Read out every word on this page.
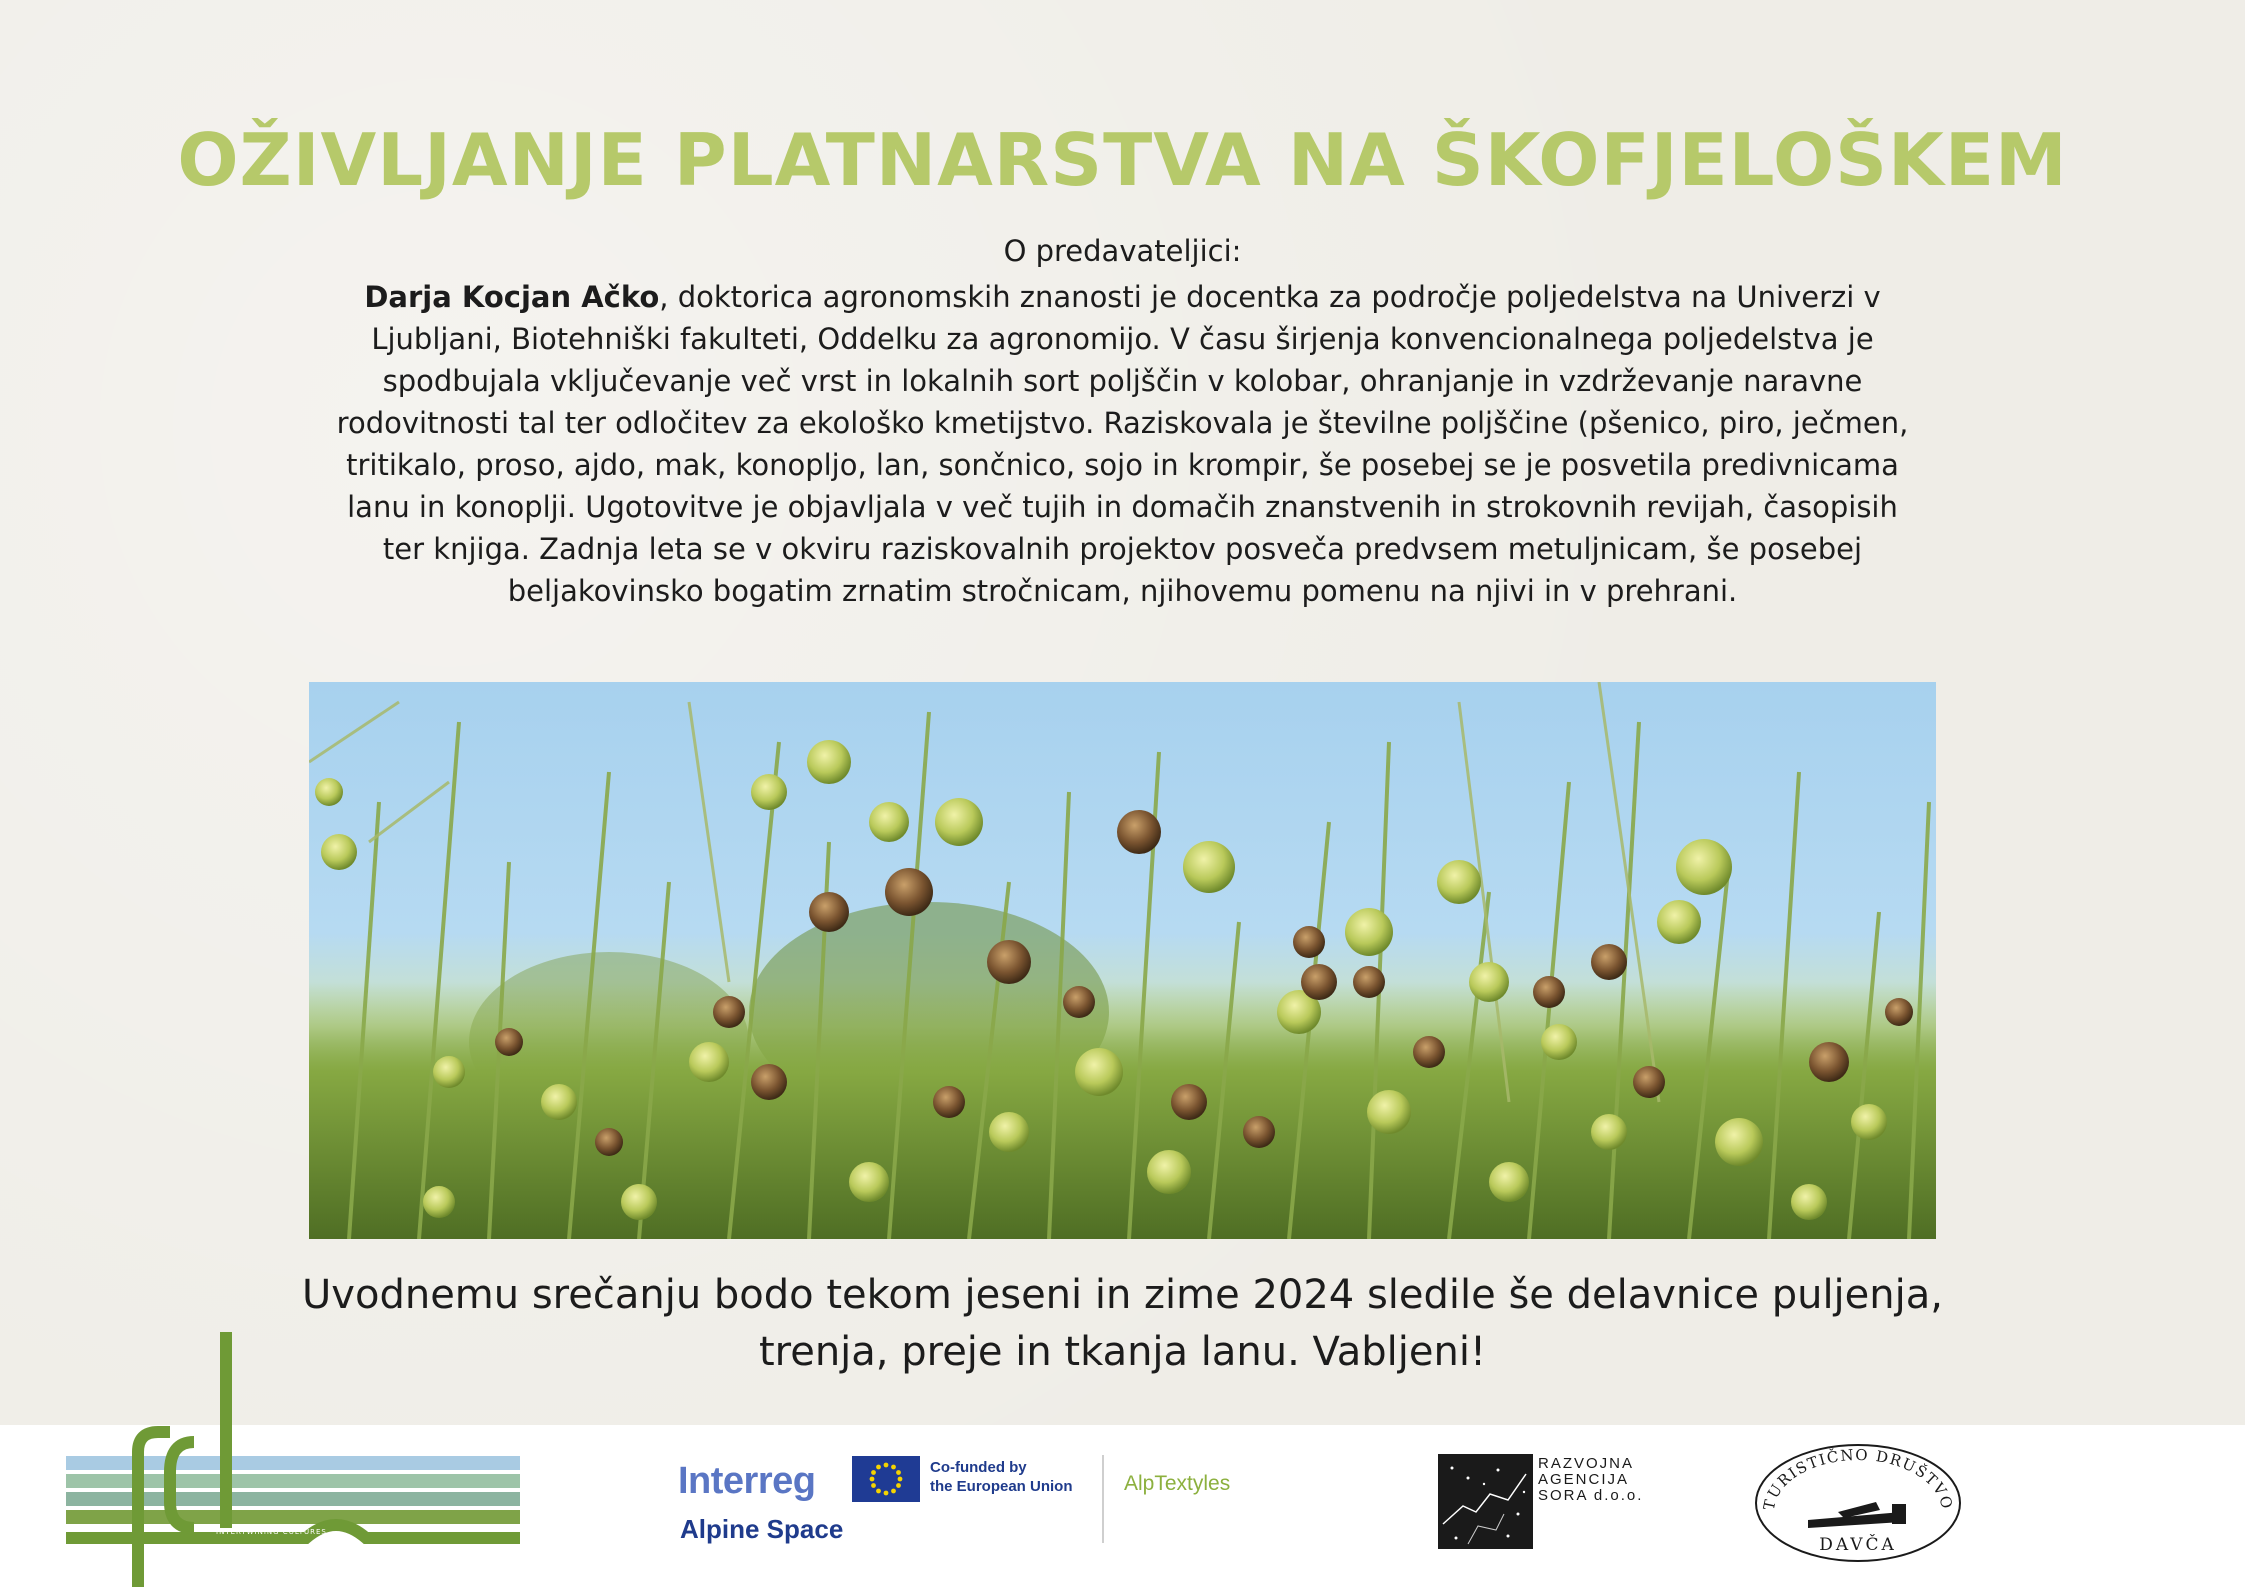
OŽIVLJANJE PLATNARSTVA NA ŠKOFJELOŠKEM
O predavateljici:
Darja Kocjan Ačko, doktorica agronomskih znanosti je docentka za področje poljedelstva na Univerzi v Ljubljani, Biotehniški fakulteti, Oddelku za agronomijo. V času širjenja konvencionalnega poljedelstva je spodbujala vključevanje več vrst in lokalnih sort poljščin v kolobar, ohranjanje in vzdrževanje naravne rodovitnosti tal ter odločitev za ekološko kmetijstvo. Raziskovala je številne poljščine (pšenico, piro, ječmen, tritikalo, proso, ajdo, mak, konopljo, lan, sončnico, sojo in krompir, še posebej se je posvetila predivnicama lanu in konoplji. Ugotovitve je objavljala v več tujih in domačih znanstvenih in strokovnih revijah, časopisih ter knjiga. Zadnja leta se v okviru raziskovalnih projektov posveča predvsem metuljnicam, še posebej beljakovinsko bogatim zrnatim stročnicam, njihovemu pomenu na njivi in v prehrani.
Uvodnemu srečanju bodo tekom jeseni in zime 2024 sledile še delavnice puljenja,
trenja, preje in tkanja lanu. Vabljeni!
INTERTWINING CULTURES
Interreg
Alpine Space
Co-funded by
the European Union AlpTextyles
RAZVOJNA
AGENCIJA
SORA d.o.o.
TURISTIČNO DRUŠTVO
DAVČA
